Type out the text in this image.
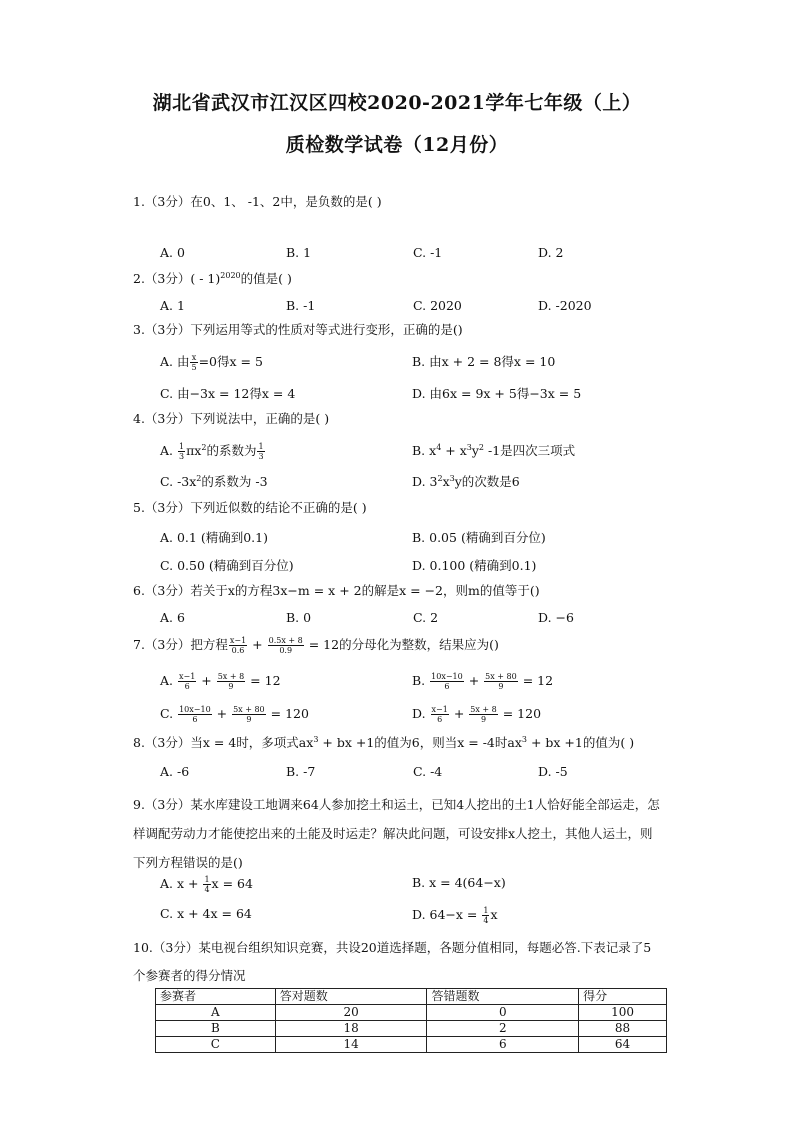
湖北省武汉市江汉区四校2020-2021学年七年级（上）
质检数学试卷（12月份）
1.（3分）在0、1、 -1、2中，是负数的是( )
A. 0	B. 1	C. -1	D. 2
2.（3分）( - 1)$^{2020}$的值是( )
A. 1	B. -1	C. 2020	D. -2020
3.（3分）下列运用等式的性质对等式进行变形，正确的是()
A. 由 $\frac{x}{5} =0$得x = 5	B. 由x + 2 = 8得x = 10
C. 由−3x = 12得x = 4	D. 由6x = 9x + 5得−3x = 5
4.（3分）下列说法中，正确的是( )
A. $\frac{1}{3} \pi x^2$的系数为 $\frac{1}{3}$	B. $x^4 + x^3y^2$ -1是四次三项式
C. $-3x^2$的系数为 -3	D. $3^2x^3y$的次数是6
5.（3分）下列近似数的结论不正确的是( )
A. 0.1 (精确到0.1)	B. 0.05 (精确到百分位)
C. 0.50 (精确到百分位)	D. 0.100 (精确到0.1)
6.（3分）若关于x的方程3x−m = x + 2的解是x = −2，则m的值等于()
A. 6	B. 0	C. 2	D. −6
7.（3分）把方程 $\frac{x-1}{0.6} + \frac{0.5x + 8}{0.9} = 12$的分母化为整数，结果应为()
A. $\frac{x-1}{6} + \frac{5x + 8}{9} = 12$	B. $\frac{10x-10}{6} + \frac{5x + 80}{9} = 12$
C. $\frac{10x-10}{6} + \frac{5x + 80}{9} = 120$	D. $\frac{x-1}{6} + \frac{5x + 8}{9} = 120$
8.（3分）当x = 4时，多项式$ax^3$ + bx +1的值为6，则当x = -4时$ax^3$ + bx +1的值为( )
A. -6	B. -7	C. -4	D. -5
9.（3分）某水库建设工地调来64人参加挖土和运土，已知4人挖出的土1人恰好能全部运走，怎样调配劳动力才能使挖出来的土能及时运走？解决此问题，可设安排x人挖土，其他人运土，则下列方程错误的是()
A. $x + \frac{1}{4}$ x = 64	B. x = 4(64−x)
C. x + 4x = 64	D. $64-x = \frac{1}{4}$ x
10.（3分）某电视台组织知识竞赛，共设20道选择题，各题分值相同，每题必答.下表记录了5个参赛者的得分情况
参赛者	答对题数	答错题数	得分
A	20	0	100
B	18	2	88
C	14	6	64
